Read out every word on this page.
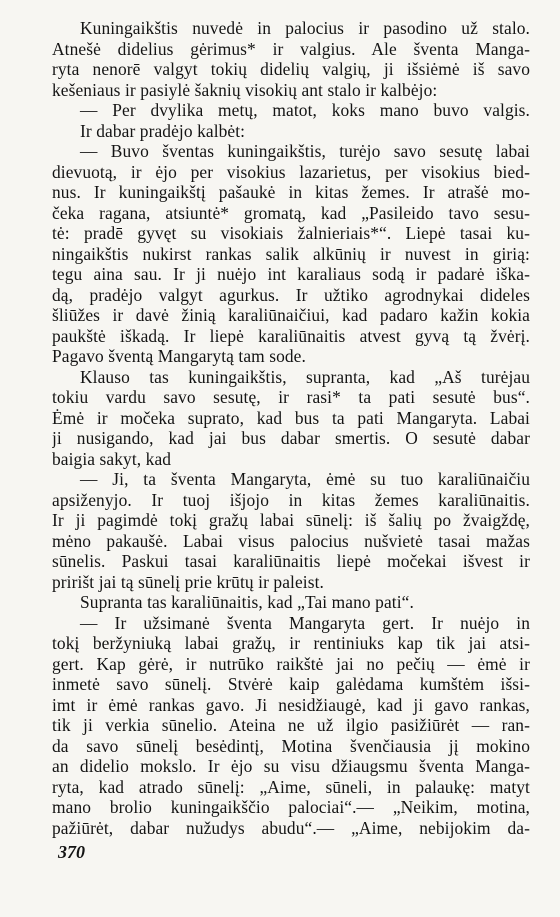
Kuningaikštis nuvedė in palocius ir pasodino už stalo.
Atnešė didelius gėrimus* ir valgius. Ale šventa Manga-
ryta nenorē valgyt tokių didelių valgių, ji išsiėmė iš savo
kešeniaus ir pasiylė šaknių visokių ant stalo ir kalbėjo:
— Per dvylika metų, matot, koks mano buvo valgis.
Ir dabar pradėjo kalbėt:
— Buvo šventas kuningaikštis, turėjo savo sesutę labai
dievuotą, ir ėjo per visokius lazarietus, per visokius bied-
nus. Ir kuningaikštį pašaukė in kitas žemes. Ir atrašė mo-
čeka ragana, atsiuntė* gromatą, kad „Pasileido tavo sesu-
tė: pradē gyvęt su visokiais žalnieriais*“. Liepė tasai ku-
ningaikštis nukirst rankas salik alkūnių ir nuvest in girią:
tegu aina sau. Ir ji nuėjo int karaliaus sodą ir padarė iška-
dą, pradėjo valgyt agurkus. Ir užtiko agrodnykai dideles
šliūžes ir davė žinią karaliūnaičiui, kad padaro kažin kokia
paukštė iškadą. Ir liepė karaliūnaitis atvest gyvą tą žvėrį.
Pagavo šventą Mangarytą tam sode.
Klauso tas kuningaikštis, supranta, kad „Aš turėjau
tokiu vardu savo sesutę, ir rasi* ta pati sesutė bus“.
Ėmė ir močeka suprato, kad bus ta pati Mangaryta. Labai
ji nusigando, kad jai bus dabar smertis. O sesutė dabar
baigia sakyt, kad
— Ji, ta šventa Mangaryta, ėmė su tuo karaliūnaičiu
apsiženyjo. Ir tuoj išjojo in kitas žemes karaliūnaitis.
Ir ji pagimdė tokį gražų labai sūnelį: iš šalių po žvaigždę,
mėno pakaušė. Labai visus palocius nušvietė tasai mažas
sūnelis. Paskui tasai karaliūnaitis liepė močekai išvest ir
pririšt jai tą sūnelį prie krūtų ir paleist.
Supranta tas karaliūnaitis, kad „Tai mano pati“.
— Ir užsimanė šventa Mangaryta gert. Ir nuėjo in
tokį beržyniuką labai gražų, ir rentiniuks kap tik jai atsi-
gert. Kap gėrė, ir nutrūko raikštė jai no pečių — ėmė ir
inmetė savo sūnelį. Stvėrė kaip galėdama kumštėm išsi-
imt ir ėmė rankas gavo. Ji nesidžiaugė, kad ji gavo rankas,
tik ji verkia sūnelio. Ateina ne už ilgio pasižiūrėt — ran-
da savo sūnelį besėdintį, Motina švenčiausia jį mokino
an didelio mokslo. Ir ėjo su visu džiaugsmu šventa Manga-
ryta, kad atrado sūnelį: „Aime, sūneli, in palaukę: matyt
mano brolio kuningaikščio palociai“.— „Neikim, motina,
pažiūrėt, dabar nužudys abudu“.— „Aime, nebijokim da-
370
